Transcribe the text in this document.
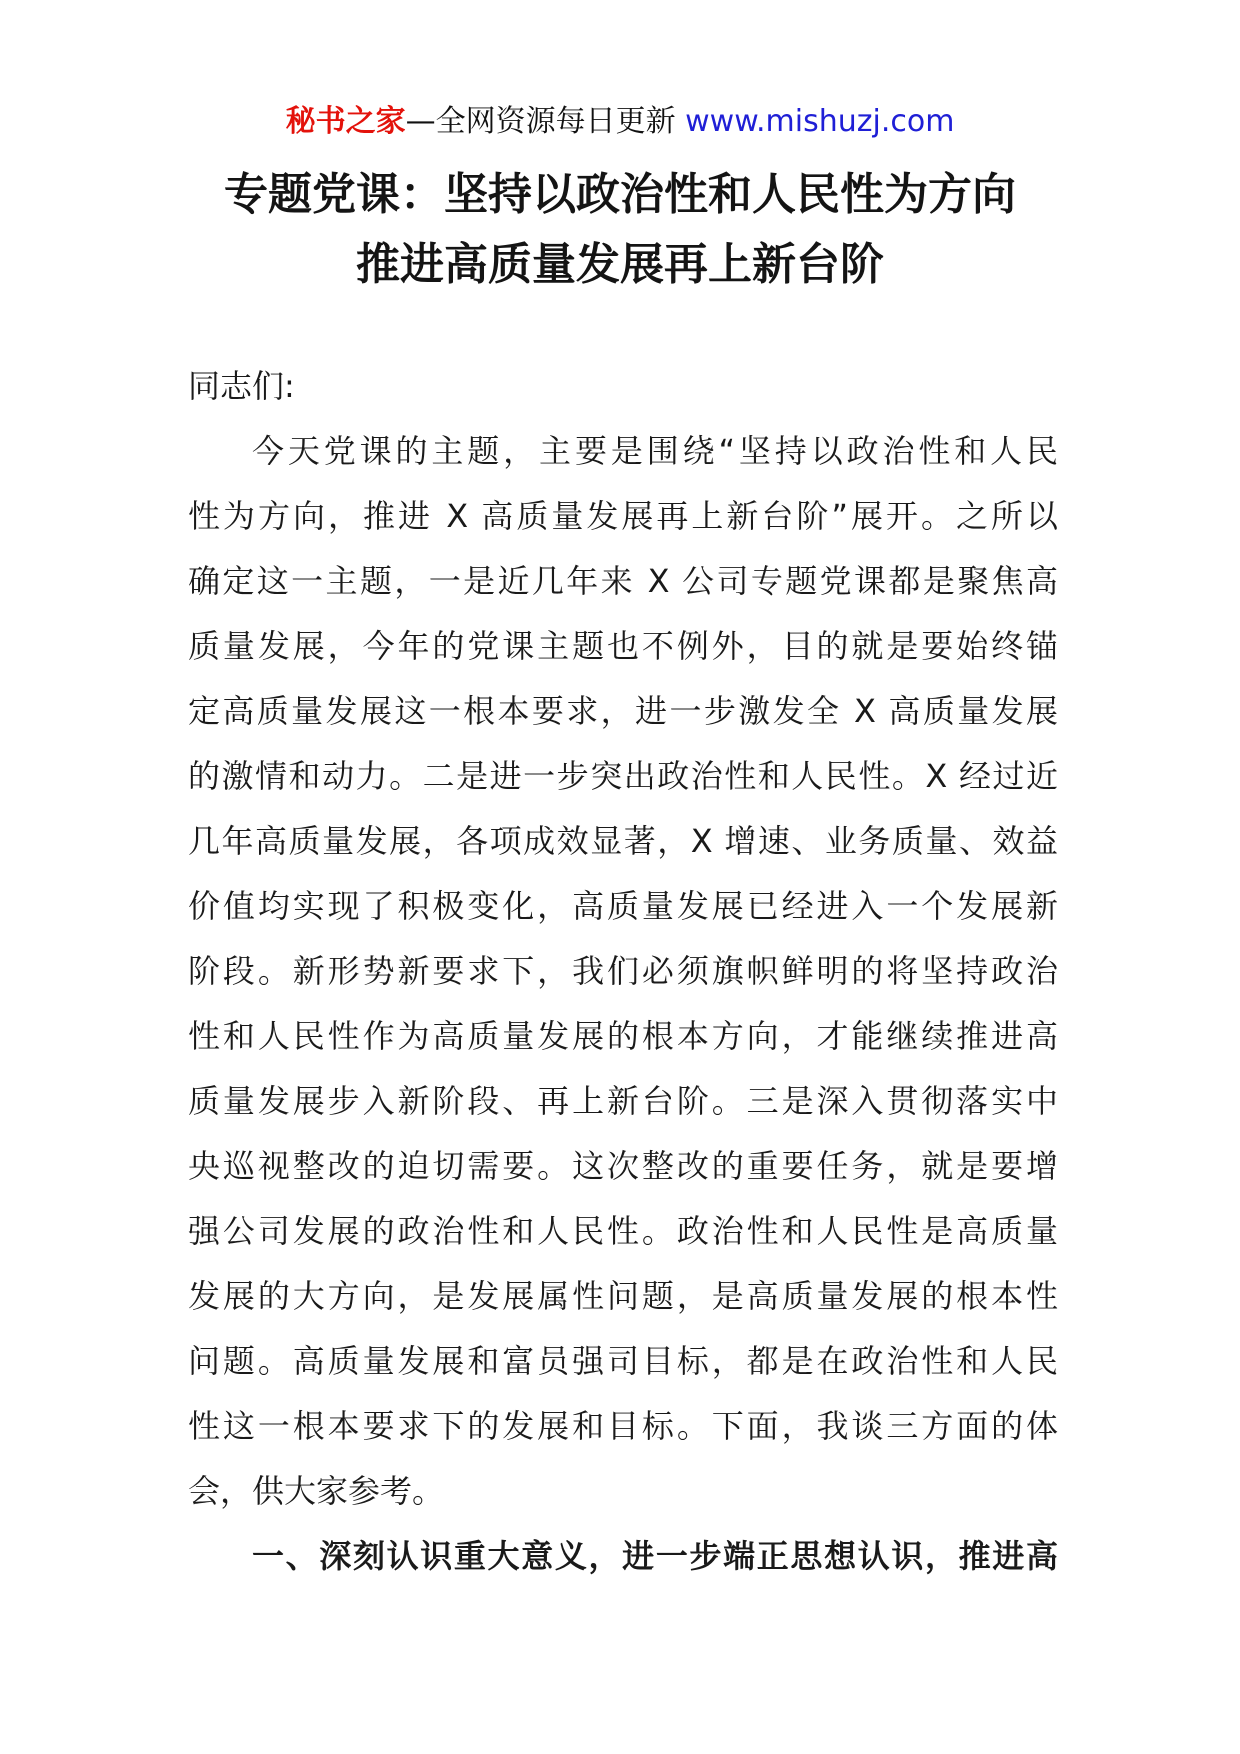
秘书之家—全网资源每日更新 www.mishuzj.com
专题党课：坚持以政治性和人民性为方向
推进高质量发展再上新台阶
同志们:
今天党课的主题，主要是围绕“坚持以政治性和人民
性为方向，推进 X 高质量发展再上新台阶”展开。之所以
确定这一主题，一是近几年来 X 公司专题党课都是聚焦高
质量发展，今年的党课主题也不例外，目的就是要始终锚
定高质量发展这一根本要求，进一步激发全 X 高质量发展
的激情和动力。二是进一步突出政治性和人民性。X 经过近
几年高质量发展，各项成效显著，X 增速、业务质量、效益
价值均实现了积极变化，高质量发展已经进入一个发展新
阶段。新形势新要求下，我们必须旗帜鲜明的将坚持政治
性和人民性作为高质量发展的根本方向，才能继续推进高
质量发展步入新阶段、再上新台阶。三是深入贯彻落实中
央巡视整改的迫切需要。这次整改的重要任务，就是要增
强公司发展的政治性和人民性。政治性和人民性是高质量
发展的大方向，是发展属性问题，是高质量发展的根本性
问题。高质量发展和富员强司目标，都是在政治性和人民
性这一根本要求下的发展和目标。下面，我谈三方面的体
会，供大家参考。
一、深刻认识重大意义，进一步端正思想认识，推进高
